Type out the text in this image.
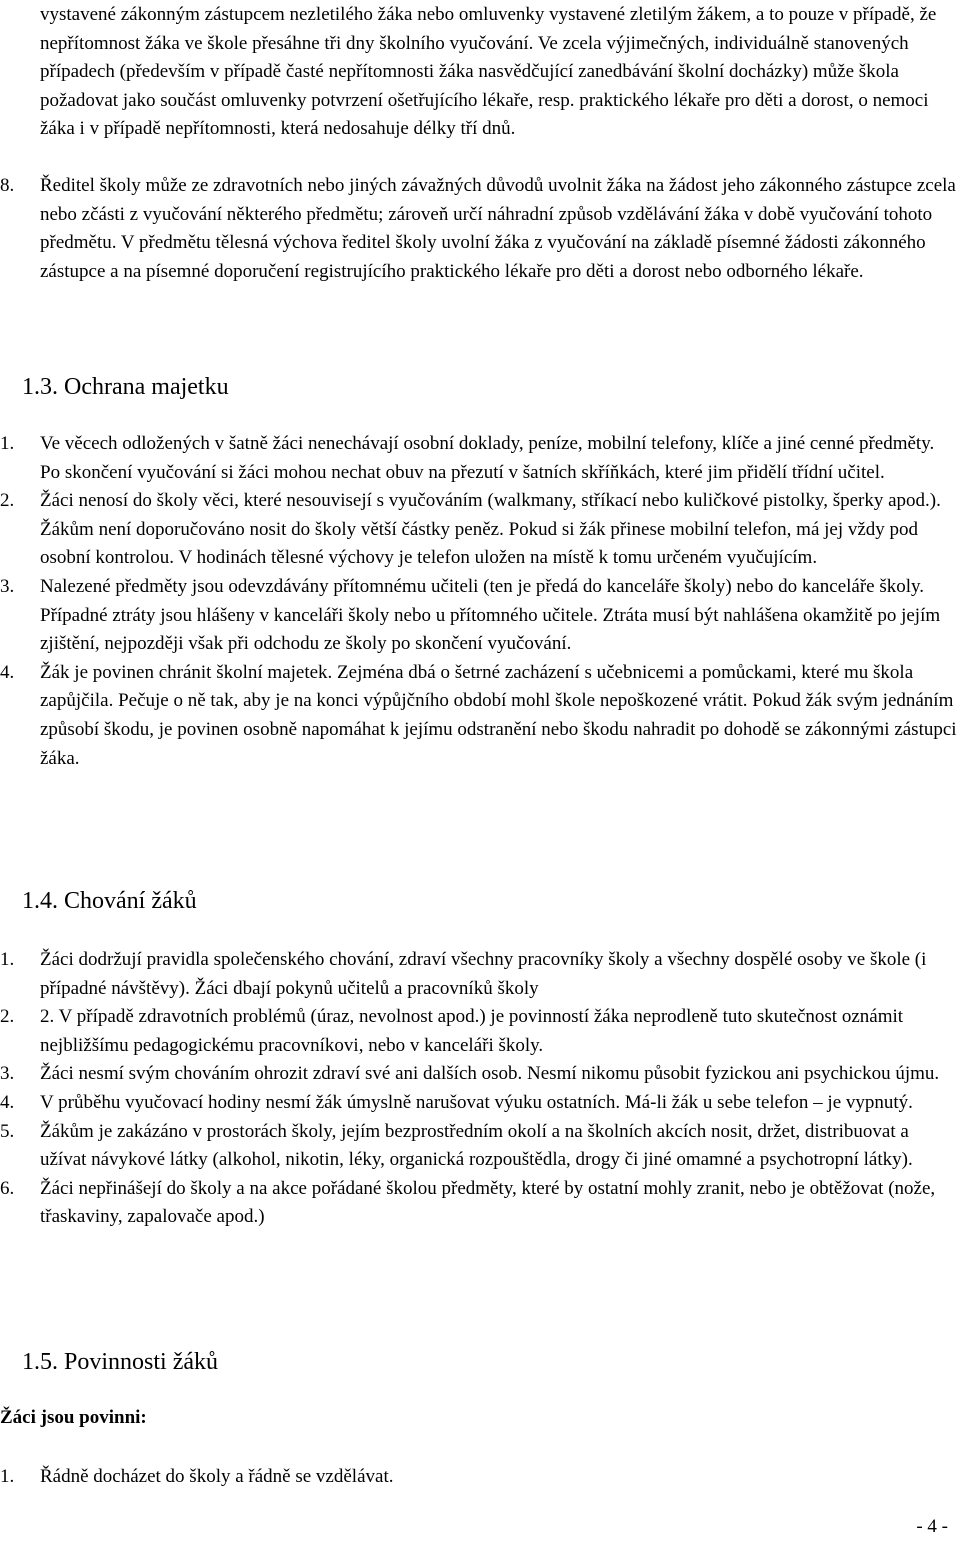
vystavené zákonným zástupcem nezletilého žáka nebo omluvenky vystavené zletilým žákem, a to pouze v případě, že nepřítomnost žáka ve škole přesáhne tři dny školního vyučování. Ve zcela výjimečných, individuálně stanovených případech (především v případě časté nepřítomnosti žáka nasvědčující zanedbávání školní docházky) může škola požadovat jako součást omluvenky potvrzení ošetřujícího lékaře, resp. praktického lékaře pro děti a dorost, o nemoci žáka i v případě nepřítomnosti, která nedosahuje délky tří dnů.
8.	Ředitel školy může ze zdravotních nebo jiných závažných důvodů uvolnit žáka na žádost jeho zákonného zástupce zcela nebo zčásti z vyučování některého předmětu; zároveň určí náhradní způsob vzdělávání žáka v době vyučování tohoto předmětu. V předmětu tělesná výchova ředitel školy uvolní žáka z vyučování na základě písemné žádosti zákonného zástupce a na písemné doporučení registrujícího praktického lékaře pro děti a dorost nebo odborného lékaře.
1.3. Ochrana majetku
1.	Ve věcech odložených v šatně žáci nenechávají osobní doklady, peníze, mobilní telefony, klíče a jiné cenné předměty. Po skončení vyučování si žáci mohou nechat obuv na přezutí v šatních skříňkách, které jim přidělí třídní učitel.
2.	Žáci nenosí do školy věci, které nesouvisejí s vyučováním (walkmany, stříkací nebo kuličkové pistolky, šperky apod.). Žákům není doporučováno nosit do školy větší částky peněz. Pokud si žák přinese mobilní telefon, má jej vždy pod osobní kontrolou. V hodinách tělesné výchovy je telefon uložen na místě k tomu určeném vyučujícím.
3.	Nalezené předměty jsou odevzdávány přítomnému učiteli (ten je předá do kanceláře školy) nebo do kanceláře školy. Případné ztráty jsou hlášeny v kanceláři školy nebo u přítomného učitele. Ztráta musí být nahlášena okamžitě po jejím zjištění, nejpozději však při odchodu ze školy po skončení vyučování.
4.	Žák je povinen chránit školní majetek. Zejména dbá o šetrné zacházení s učebnicemi a pomůckami, které mu škola zapůjčila. Pečuje o ně tak, aby je na konci výpůjčního období mohl škole nepoškozené vrátit. Pokud žák svým jednáním způsobí škodu, je povinen osobně napomáhat k jejímu odstranění nebo škodu nahradit po dohodě se zákonnými zástupci žáka.
1.4. Chování žáků
1.	Žáci dodržují pravidla společenského chování, zdraví všechny pracovníky školy a všechny dospělé osoby ve škole (i případné návštěvy). Žáci dbají pokynů učitelů a pracovníků školy
2.	2. V případě zdravotních problémů (úraz, nevolnost apod.) je povinností žáka neprodleně tuto skutečnost oznámit nejbližšímu pedagogickému pracovníkovi, nebo v kanceláři školy.
3.	Žáci nesmí svým chováním ohrozit zdraví své ani dalších osob. Nesmí nikomu působit fyzickou ani psychickou újmu.
4.	V průběhu vyučovací hodiny nesmí žák úmyslně narušovat výuku ostatních. Má-li žák u sebe telefon – je vypnutý.
5.	Žákům je zakázáno v prostorách školy, jejím bezprostředním okolí a na školních akcích nosit, držet, distribuovat a užívat návykové látky (alkohol, nikotin, léky, organická rozpouštědla, drogy či jiné omamné a psychotropní látky).
6.	Žáci nepřinášejí do školy a na akce pořádané školou předměty, které by ostatní mohly zranit, nebo je obtěžovat (nože, třaskaviny, zapalovače apod.)
1.5. Povinnosti žáků
Žáci jsou povinni:
1.	Řádně docházet do školy a řádně se vzdělávat.
- 4 -
